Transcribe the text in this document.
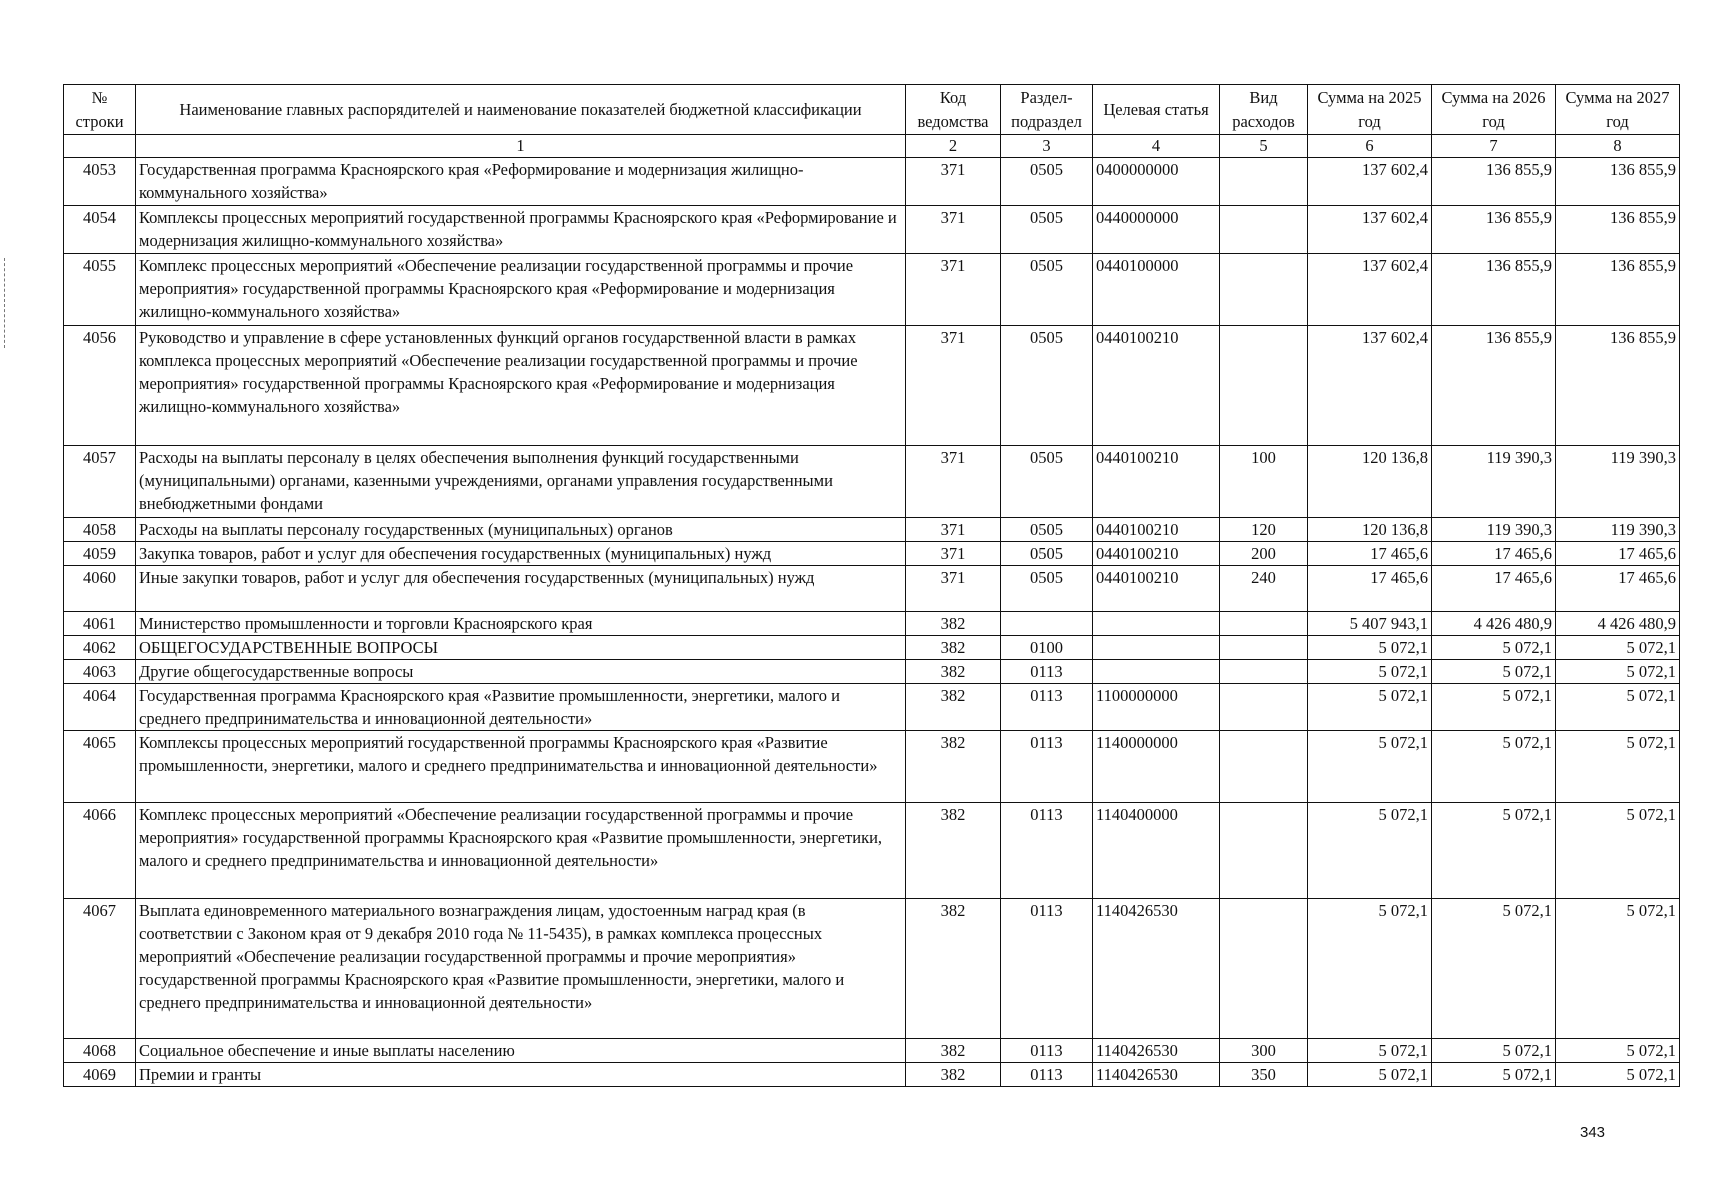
№ строки	Наименование главных распорядителей и наименование показателей бюджетной классификации	Код ведомства	Раздел-подраздел	Целевая статья	Вид расходов	Сумма на 2025 год	Сумма на 2026 год	Сумма на 2027 год
	1	2	3	4	5	6	7	8
4053	Государственная программа Красноярского края «Реформирование и модернизация жилищно-коммунального хозяйства»	371	0505	0400000000		137 602,4	136 855,9	136 855,9
4054	Комплексы процессных мероприятий государственной программы Красноярского края «Реформирование и модернизация жилищно-коммунального хозяйства»	371	0505	0440000000		137 602,4	136 855,9	136 855,9
4055	Комплекс процессных мероприятий «Обеспечение реализации государственной программы и прочие мероприятия» государственной программы Красноярского края «Реформирование и модернизация жилищно-коммунального хозяйства»	371	0505	0440100000		137 602,4	136 855,9	136 855,9
4056	Руководство и управление в сфере установленных функций органов государственной власти в рамках комплекса процессных мероприятий «Обеспечение реализации государственной программы и прочие мероприятия» государственной программы Красноярского края «Реформирование и модернизация жилищно-коммунального хозяйства»	371	0505	0440100210		137 602,4	136 855,9	136 855,9
4057	Расходы на выплаты персоналу в целях обеспечения выполнения функций государственными (муниципальными) органами, казенными учреждениями, органами управления государственными внебюджетными фондами	371	0505	0440100210	100	120 136,8	119 390,3	119 390,3
4058	Расходы на выплаты персоналу государственных (муниципальных) органов	371	0505	0440100210	120	120 136,8	119 390,3	119 390,3
4059	Закупка товаров, работ и услуг для обеспечения государственных (муниципальных) нужд	371	0505	0440100210	200	17 465,6	17 465,6	17 465,6
4060	Иные закупки товаров, работ и услуг для обеспечения государственных (муниципальных) нужд	371	0505	0440100210	240	17 465,6	17 465,6	17 465,6
4061	Министерство промышленности и торговли Красноярского края	382				5 407 943,1	4 426 480,9	4 426 480,9
4062	ОБЩЕГОСУДАРСТВЕННЫЕ ВОПРОСЫ	382	0100			5 072,1	5 072,1	5 072,1
4063	Другие общегосударственные вопросы	382	0113			5 072,1	5 072,1	5 072,1
4064	Государственная программа Красноярского края «Развитие промышленности, энергетики, малого и среднего предпринимательства и инновационной деятельности»	382	0113	1100000000		5 072,1	5 072,1	5 072,1
4065	Комплексы процессных мероприятий государственной программы Красноярского края «Развитие промышленности, энергетики, малого и среднего предпринимательства и инновационной деятельности»	382	0113	1140000000		5 072,1	5 072,1	5 072,1
4066	Комплекс процессных мероприятий «Обеспечение реализации государственной программы и прочие мероприятия» государственной программы Красноярского края «Развитие промышленности, энергетики, малого и среднего предпринимательства и инновационной деятельности»	382	0113	1140400000		5 072,1	5 072,1	5 072,1
4067	Выплата единовременного материального вознаграждения лицам, удостоенным наград края (в соответствии с Законом края от 9 декабря 2010 года № 11-5435), в рамках комплекса процессных мероприятий «Обеспечение реализации государственной программы и прочие мероприятия» государственной программы Красноярского края «Развитие промышленности, энергетики, малого и среднего предпринимательства и инновационной деятельности»	382	0113	1140426530		5 072,1	5 072,1	5 072,1
4068	Социальное обеспечение и иные выплаты населению	382	0113	1140426530	300	5 072,1	5 072,1	5 072,1
4069	Премии и гранты	382	0113	1140426530	350	5 072,1	5 072,1	5 072,1
343
